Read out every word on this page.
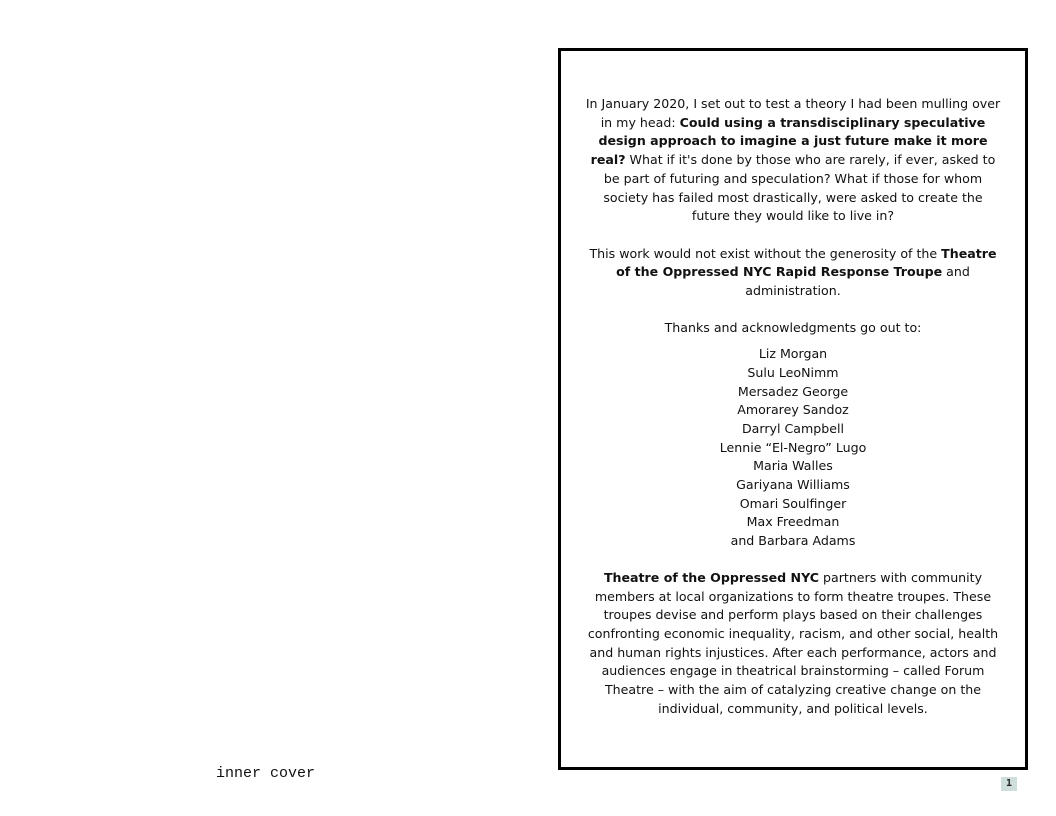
inner cover

In January 2020, I set out to test a theory I had been mulling over in my head: Could using a transdisciplinary speculative design approach to imagine a just future make it more real? What if it's done by those who are rarely, if ever, asked to be part of futuring and speculation? What if those for whom society has failed most drastically, were asked to create the future they would like to live in?

This work would not exist without the generosity of the Theatre of the Oppressed NYC Rapid Response Troupe and administration.

Thanks and acknowledgments go out to:

Liz Morgan
Sulu LeoNimm
Mersadez George
Amorarey Sandoz
Darryl Campbell
Lennie “El-Negro” Lugo
Maria Walles
Gariyana Williams
Omari Soulfinger
Max Freedman
and Barbara Adams

Theatre of the Oppressed NYC partners with community members at local organizations to form theatre troupes. These troupes devise and perform plays based on their challenges confronting economic inequality, racism, and other social, health and human rights injustices. After each performance, actors and audiences engage in theatrical brainstorming – called Forum Theatre – with the aim of catalyzing creative change on the individual, community, and political levels.

1
